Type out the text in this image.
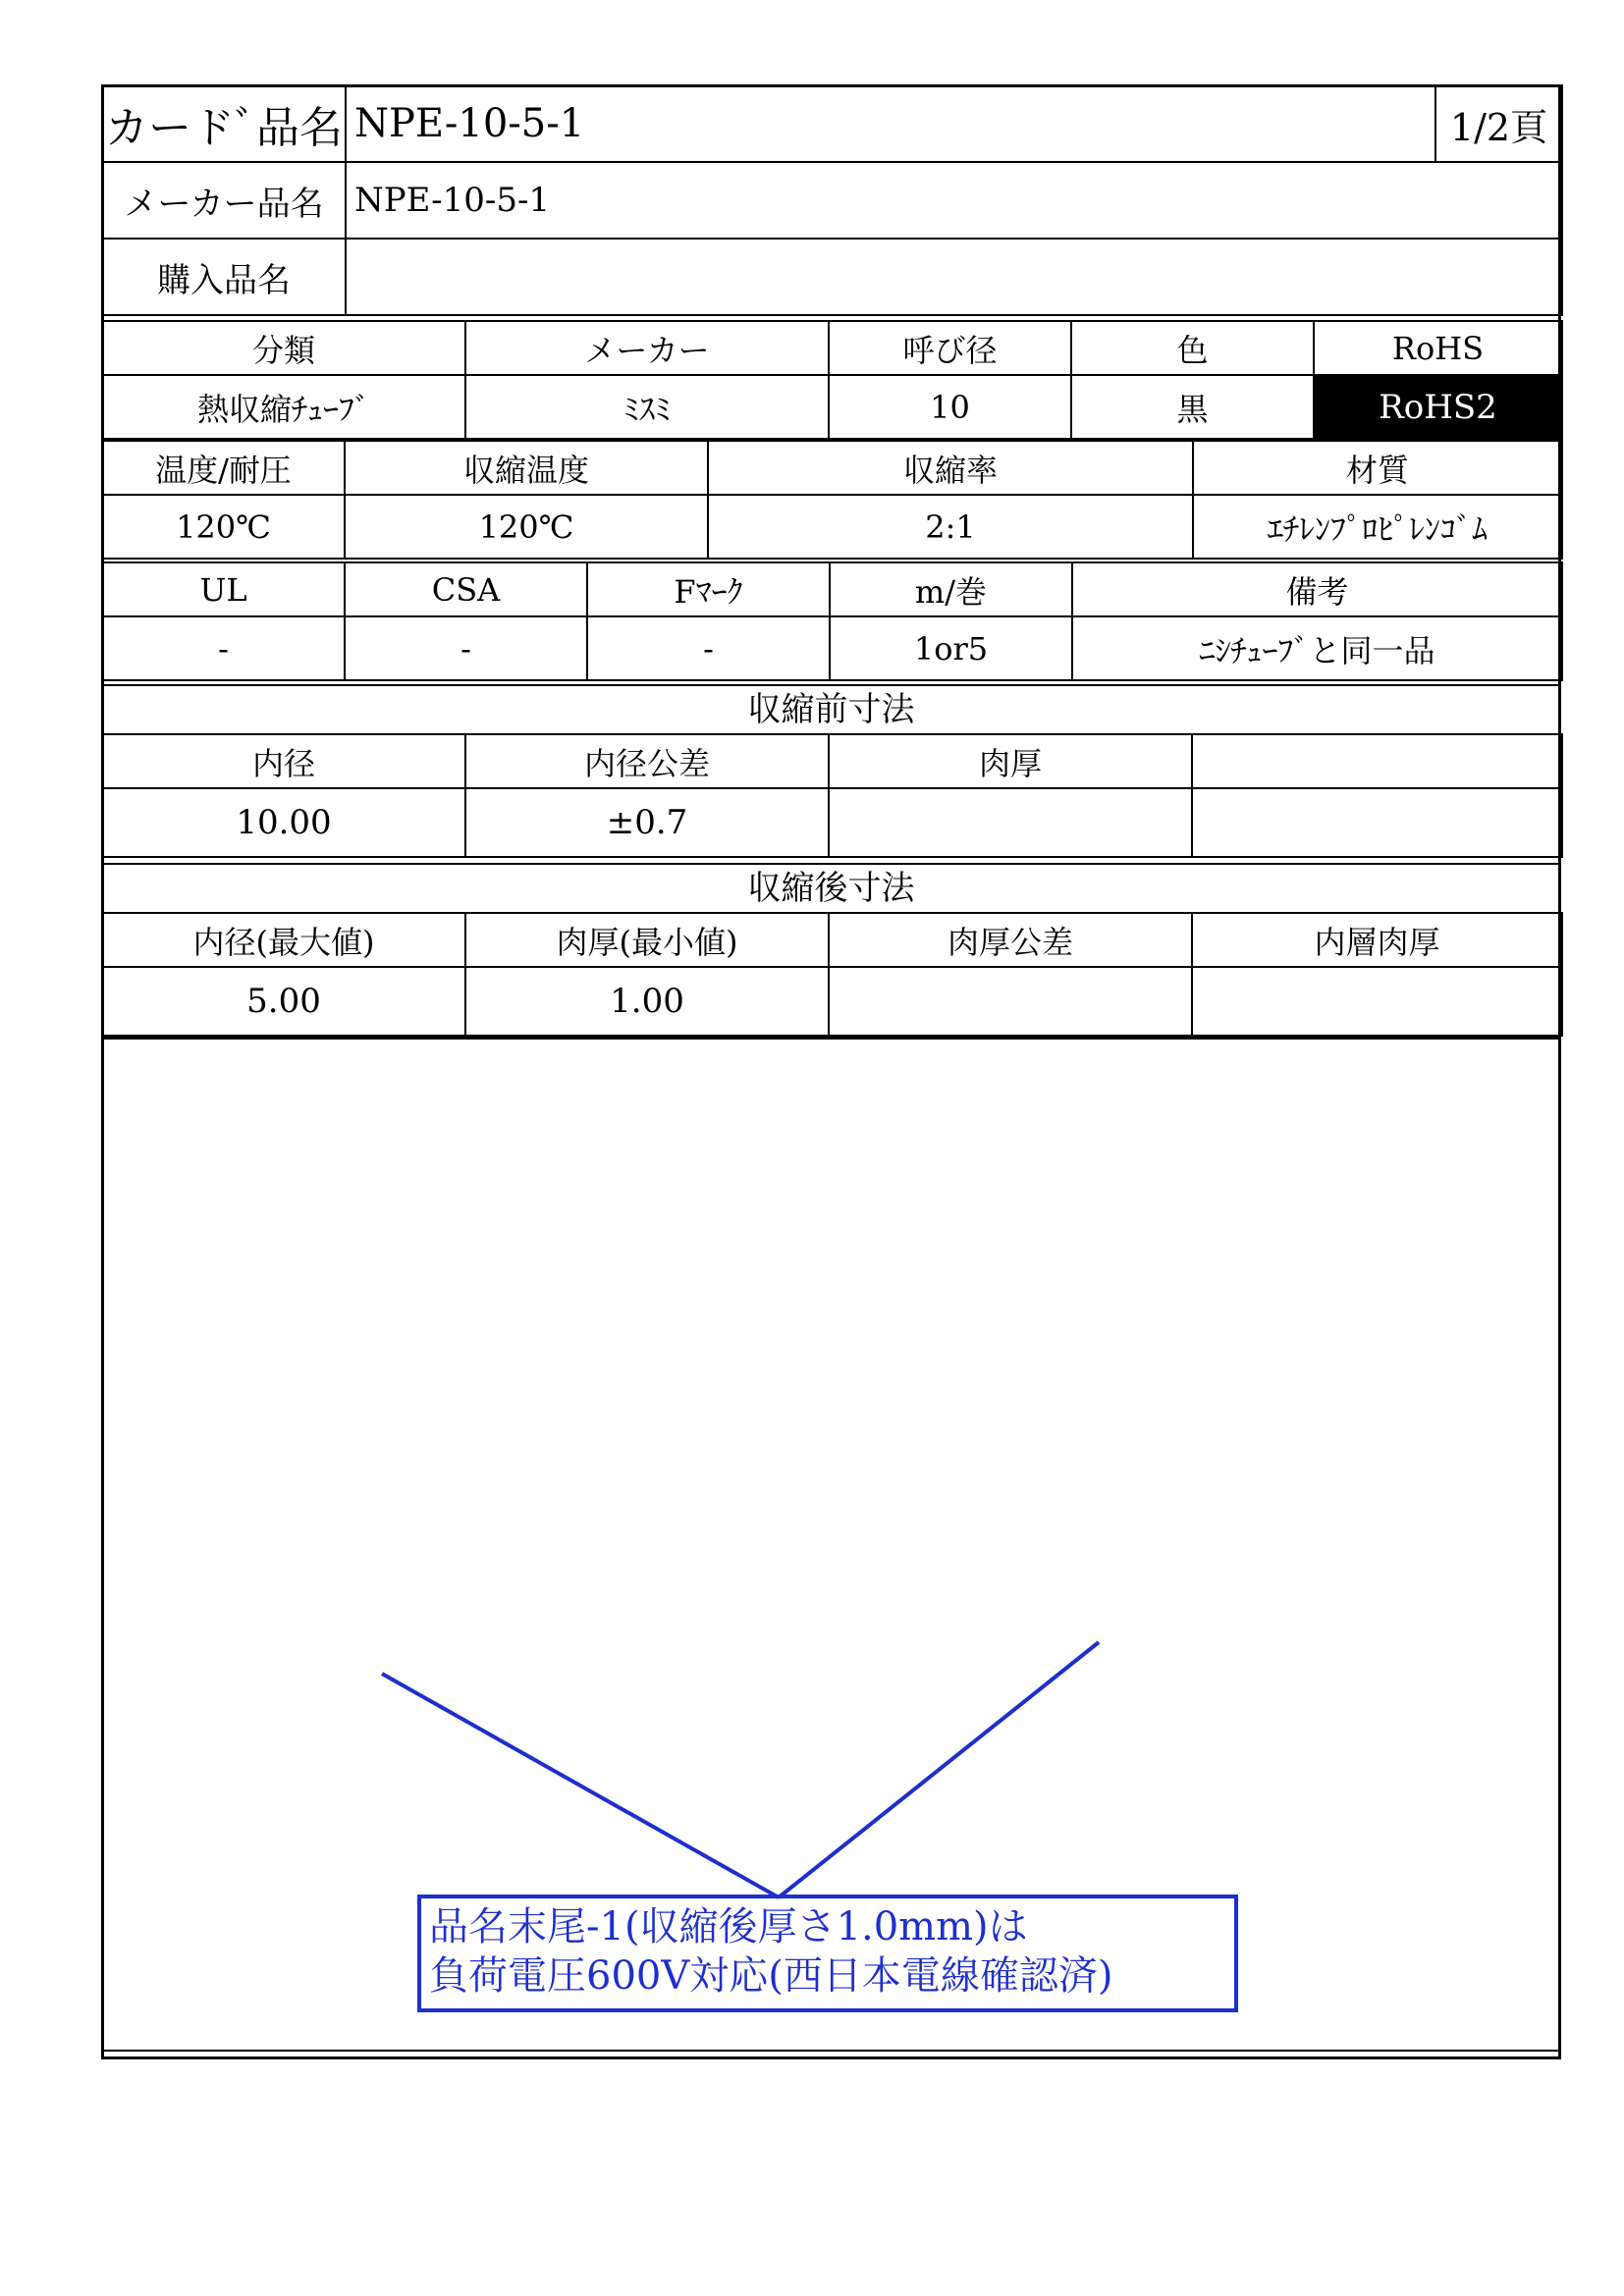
カードﾞ品名	NPE-10-5-1	1/2頁
メーカー品名	NPE-10-5-1	
購入品名		
分類	メーカー	呼び径	色	RoHS
熱収縮ﾁｭｰﾌﾞ	ﾐｽﾐ	10	黒	RoHS2
温度/耐圧	収縮温度	収縮率	材質
120℃	120℃	2:1	ｴﾁﾚﾝﾌﾟﾛﾋﾟﾚﾝｺﾞﾑ
UL	CSA	Fﾏｰｸ	m/巻	備考
-	-	-	1or5	ﾆｼﾁｭｰﾌﾞと同一品
収縮前寸法
内径	内径公差	肉厚	
10.00	±0.7		
収縮後寸法
内径(最大値)	肉厚(最小値)	肉厚公差	内層肉厚
5.00	1.00		
品名末尾-1(収縮後厚さ1.0mm)は
負荷電圧600V対応(西日本電線確認済)
